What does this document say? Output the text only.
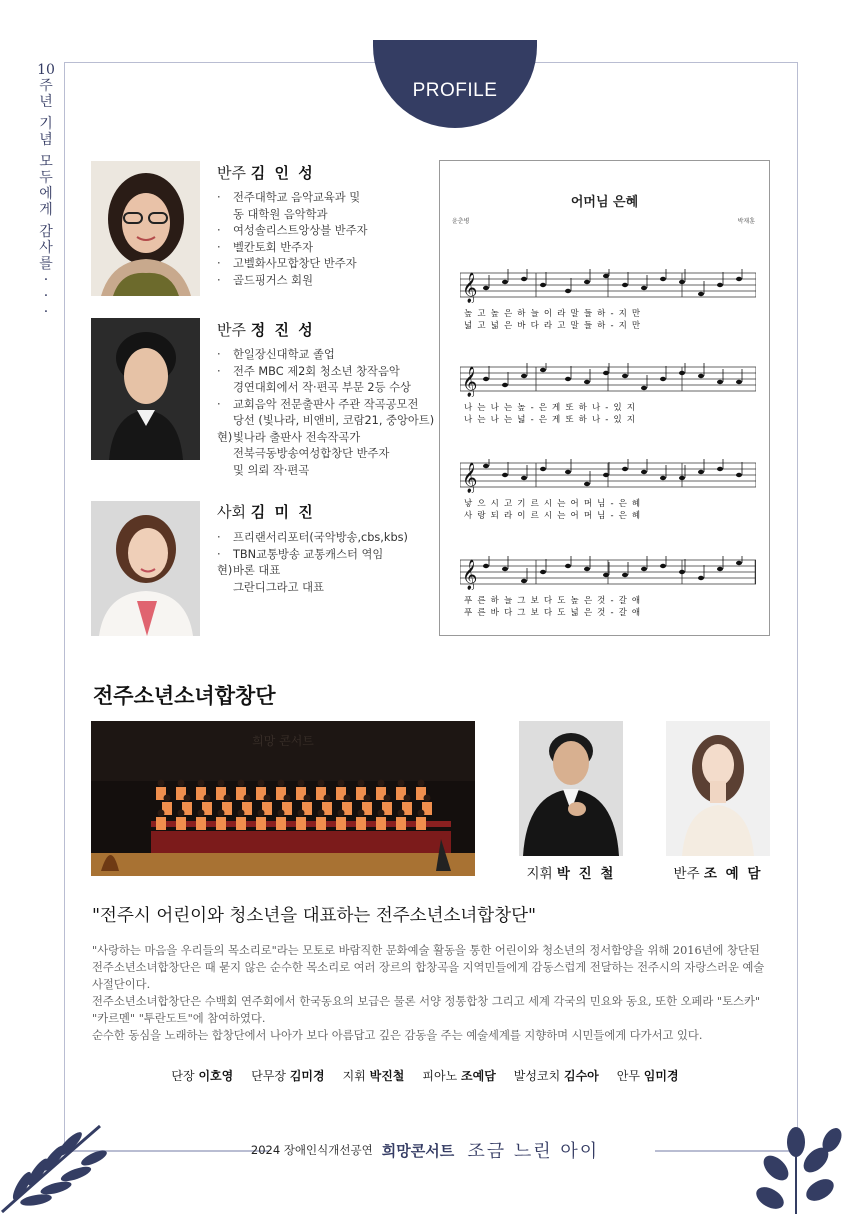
10
주
년
기
념
모
두
에
게
감
사
를
·
·
·
PROFILE
반주 김 인 성
· 전주대학교 음악교육과 및
동 대학원 음악학과
· 여성솔리스트앙상블 반주자
· 벨칸토회 반주자
· 고벨화사모합창단 반주자
· 골드핑거스 회원
반주 정 진 성
· 한일장신대학교 졸업
· 전주 MBC 제2회 청소년 창작음악
경연대회에서 작·편곡 부문 2등 수상
· 교회음악 전문출판사 주관 작곡공모전
당선 (빛나라, 비앤비, 코람21, 중앙아트)
현) 빛나라 출판사 전속작곡가
전북극동방송여성합창단 반주자
및 의뢰 작·편곡
사회 김 미 진
· 프리랜서리포터(국악방송,cbs,kbs)
· TBN교통방송 교통캐스터 역임
현) 바론 대표
그란디그라고 대표
어머님 은혜
윤춘병	박재훈
𝄞
높 고 높 은 하 늘 이 라 말 들 하 - 지 만
넓 고 넓 은 바 다 라 고 말 들 하 - 지 만
𝄞
나 는 나 는 높 - 은 게 또 하 나 - 있 지
나 는 나 는 넓 - 은 게 또 하 나 - 있 지
𝄞
낳 으 시 고 기 르 시 는 어 머 님 - 은 혜
사 랑 되 라 이 르 시 는 어 머 님 - 은 혜
𝄞
푸 른 하 늘 그 보 다 도 높 은 것 - 갈 애
푸 른 바 다 그 보 다 도 넓 은 것 - 갈 애
전주소년소녀합창단
희망 콘서트
지휘 박 진 철	반주 조 예 담
"전주시 어린이와 청소년을 대표하는 전주소년소녀합창단"

"사랑하는 마음을 우리들의 목소리로"라는 모토로 바람직한 문화예술 활동을 통한 어린이와 청소년의 정서함양을 위해 2016년에 창단된 전주소년소녀합창단은 때 묻지 않은 순수한 목소리로 여러 장르의 합창곡을 지역민들에게 감동스럽게 전달하는 전주시의 자랑스러운 예술사절단이다.

전주소년소녀합창단은 수백회 연주회에서 한국동요의 보급은 물론 서양 정통합창 그리고 세계 각국의 민요와 동요, 또한 오페라 "토스카" "카르멘" "투란도트"에 참여하였다.

순수한 동심을 노래하는 합창단에서 나아가 보다 아름답고 깊은 감동을 주는 예술세계를 지향하며 시민들에게 다가서고 있다.

단장 이호영 단무장 김미경 지휘 박진철 피아노 조예담 발성코치 김수아 안무 임미경
2024 장애인식개선공연 희망콘서트 조금 느린 아이
